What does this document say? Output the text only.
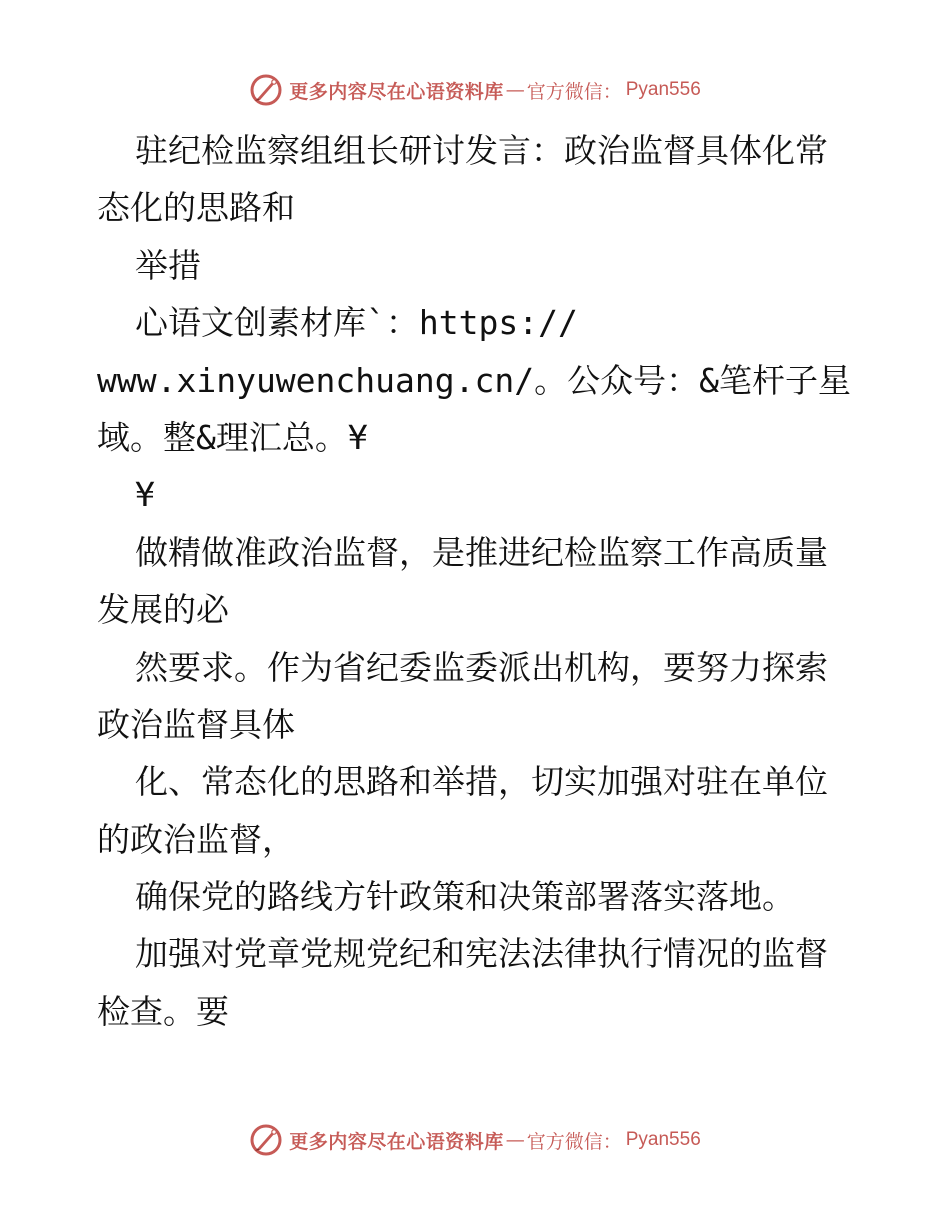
更多内容尽在心语资料库 — 官方微信： Pyan556
驻纪检监察组组长研讨发言：政治监督具体化常
态化的思路和
举措
心语文创素材库`：https://
www.xinyuwenchuang.cn/。公众号：&笔杆子星
域。整&理汇总。¥
¥
做精做准政治监督，是推进纪检监察工作高质量
发展的必
然要求。作为省纪委监委派出机构，要努力探索
政治监督具体
化、常态化的思路和举措，切实加强对驻在单位
的政治监督，
确保党的路线方针政策和决策部署落实落地。
加强对党章党规党纪和宪法法律执行情况的监督
检查。要
更多内容尽在心语资料库 — 官方微信： Pyan556
